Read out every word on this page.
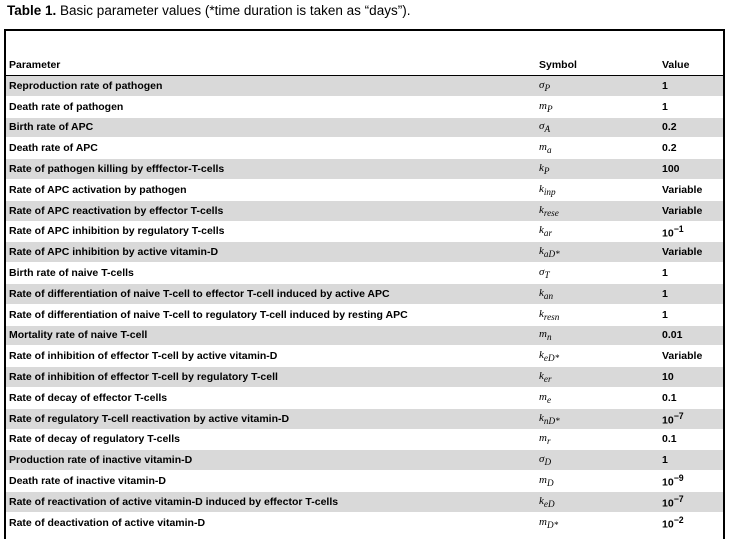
Table 1. Basic parameter values (*time duration is taken as “days”).
Parameter	Symbol	Value
Reproduction rate of pathogen	$\sigma_P$	1
Death rate of pathogen	$m_P$	1
Birth rate of APC	$\sigma_A$	0.2
Death rate of APC	$m_a$	0.2
Rate of pathogen killing by efffector-T-cells	$k_P$	100
Rate of APC activation by pathogen	$k_{inp}$	Variable
Rate of APC reactivation by effector T-cells	$k_{rese}$	Variable
Rate of APC inhibition by regulatory T-cells	$k_{ar}$	$10^{-1}$
Rate of APC inhibition by active vitamin-D	$k_{aD*}$	Variable
Birth rate of naive T-cells	$\sigma_T$	1
Rate of differentiation of naive T-cell to effector T-cell induced by active APC	$k_{an}$	1
Rate of differentiation of naive T-cell to regulatory T-cell induced by resting APC	$k_{resn}$	1
Mortality rate of naive T-cell	$m_n$	0.01
Rate of inhibition of effector T-cell by active vitamin-D	$k_{eD*}$	Variable
Rate of inhibition of effector T-cell by regulatory T-cell	$k_{er}$	10
Rate of decay of effector T-cells	$m_e$	0.1
Rate of regulatory T-cell reactivation by active vitamin-D	$k_{nD*}$	$10^{-7}$
Rate of decay of regulatory T-cells	$m_r$	0.1
Production rate of inactive vitamin-D	$\sigma_D$	1
Death rate of inactive vitamin-D	$m_D$	$10^{-9}$
Rate of reactivation of active vitamin-D induced by effector T-cells	$k_{eD}$	$10^{-7}$
Rate of deactivation of active vitamin-D	$m_{D*}$	$10^{-2}$
